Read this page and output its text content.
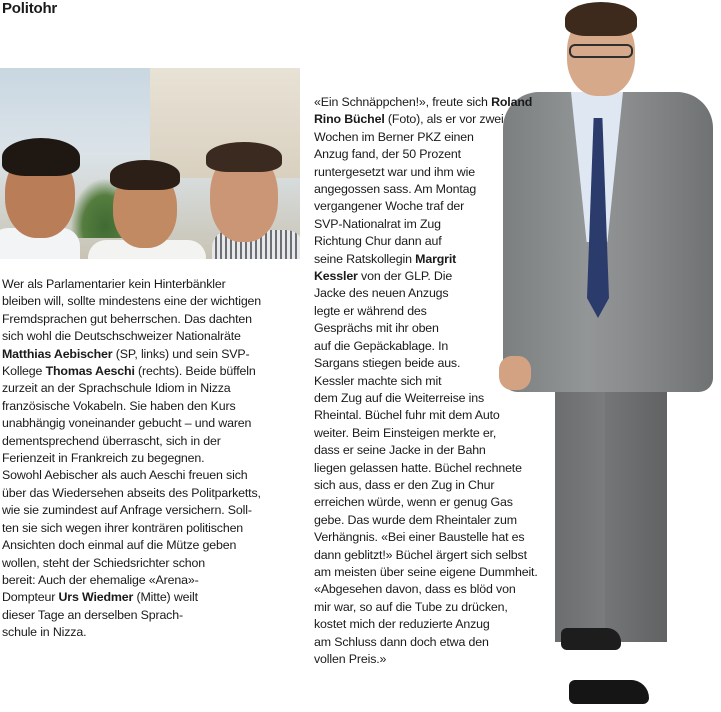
Politohr
Wer als Parlamentarier kein Hinterbänkler
bleiben will, sollte mindestens eine der wichtigen
Fremdsprachen gut beherrschen. Das dachten
sich wohl die Deutschschweizer Nationalräte
Matthias Aebischer (SP, links) und sein SVP-
Kollege Thomas Aeschi (rechts). Beide büffeln
zurzeit an der Sprachschule Idiom in Nizza
französische Vokabeln. Sie haben den Kurs
unabhängig voneinander gebucht – und waren
dementsprechend überrascht, sich in der
Ferienzeit in Frankreich zu begegnen.
Sowohl Aebischer als auch Aeschi freuen sich
über das Wiedersehen abseits des Politparketts,
wie sie zumindest auf Anfrage versichern. Soll-
ten sie sich wegen ihrer konträren politischen
Ansichten doch einmal auf die Mütze geben
wollen, steht der Schiedsrichter schon
bereit: Auch der ehemalige «Arena»-
Dompteur Urs Wiedmer (Mitte) weilt
dieser Tage an derselben Sprach-
schule in Nizza.
«Ein Schnäppchen!», freute sich Roland
Rino Büchel (Foto), als er vor zwei
Wochen im Berner PKZ einen
Anzug fand, der 50 Prozent
runtergesetzt war und ihm wie
angegossen sass. Am Montag
vergangener Woche traf der
SVP-Nationalrat im Zug
Richtung Chur dann auf
seine Ratskollegin Margrit
Kessler von der GLP. Die
Jacke des neuen Anzugs
legte er während des
Gesprächs mit ihr oben
auf die Gepäckablage. In
Sargans stiegen beide aus.
Kessler machte sich mit
dem Zug auf die Weiterreise ins
Rheintal. Büchel fuhr mit dem Auto
weiter. Beim Einsteigen merkte er,
dass er seine Jacke in der Bahn
liegen gelassen hatte. Büchel rechnete
sich aus, dass er den Zug in Chur
erreichen würde, wenn er genug Gas
gebe. Das wurde dem Rheintaler zum
Verhängnis. «Bei einer Baustelle hat es
dann geblitzt!» Büchel ärgert sich selbst
am meisten über seine eigene Dummheit.
«Abgesehen davon, dass es blöd von
mir war, so auf die Tube zu drücken,
kostet mich der reduzierte Anzug
am Schluss dann doch etwa den
vollen Preis.»
